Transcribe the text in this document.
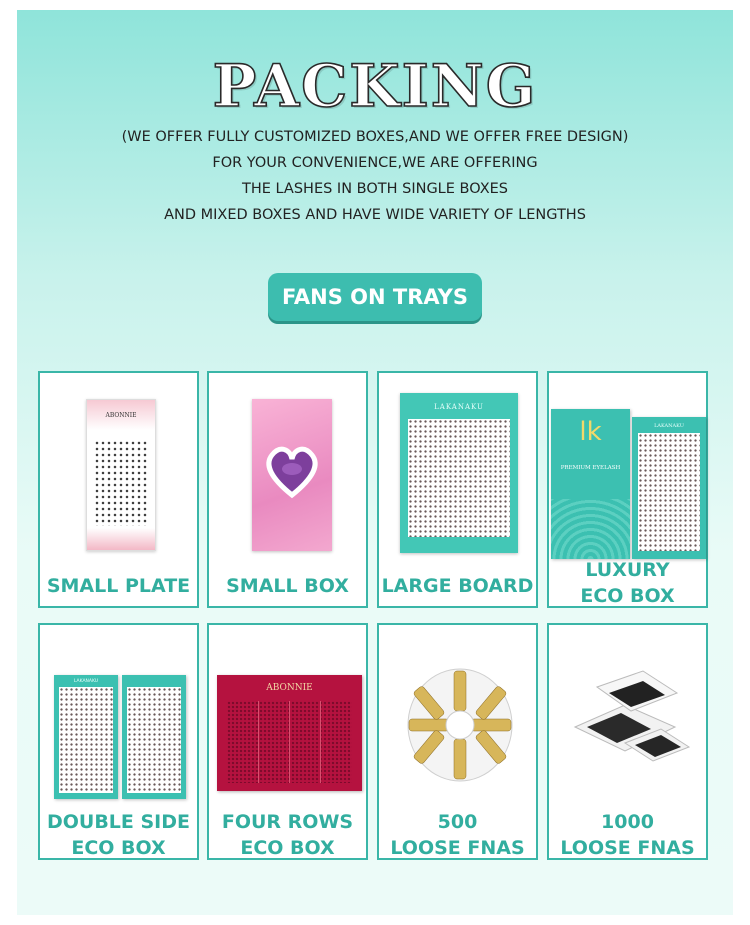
PACKING
(WE OFFER FULLY CUSTOMIZED BOXES,AND WE OFFER FREE DESIGN)
FOR YOUR CONVENIENCE,WE ARE OFFERING
THE LASHES IN BOTH SINGLE BOXES
AND MIXED BOXES AND HAVE WIDE VARIETY OF LENGTHS
FANS ON TRAYS
ABONNIE
SMALL PLATE	SMALL BOX
LAKANAKU
LARGE BOARD
lk
PREMIUM EYELASH
LAKANAKU
LUXURY
ECO BOX
LAKANAKU
DOUBLE SIDE
ECO BOX
ABONNIE
FOUR ROWS
ECO BOX
500
LOOSE FNAS
1000
LOOSE FNAS
